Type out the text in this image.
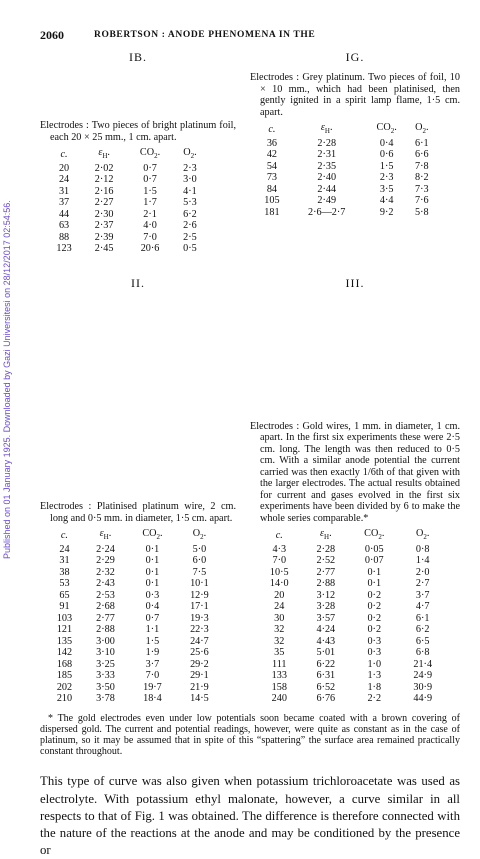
Published on 01 January 1925. Downloaded by Gazi Universitesi on 28/12/2017 02:54:56.
2060	ROBERTSON : ANODE PHENOMENA IN THE
IB.
Electrodes : Two pieces of bright platinum foil, each 20 × 25 mm., 1 cm. apart.
c.	$\varepsilon_H$.	$CO_2$.	$O_2$.
20	2·02	0·7	2·3
24	2·12	0·7	3·0
31	2·16	1·5	4·1
37	2·27	1·7	5·3
44	2·30	2·1	6·2
63	2·37	4·0	2·6
88	2·39	7·0	2·5
123	2·45	20·6	0·5
IG.
Electrodes : Grey platinum. Two pieces of foil, 10 × 10 mm., which had been platinised, then gently ignited in a spirit lamp flame, 1·5 cm. apart.
c.	$\varepsilon_H$.	$CO_2$.	$O_2$.
36	2·28	0·4	6·1
42	2·31	0·6	6·6
54	2·35	1·5	7·8
73	2·40	2·3	8·2
84	2·44	3·5	7·3
105	2·49	4·4	7·6
181	2·6—2·7	9·2	5·8
II.
Electrodes : Platinised platinum wire, 2 cm. long and 0·5 mm. in diameter, 1·5 cm. apart.
c.	$\varepsilon_H$.	$CO_2$.	$O_2$.
24	2·24	0·1	5·0
31	2·29	0·1	6·0
38	2·32	0·1	7·5
53	2·43	0·1	10·1
65	2·53	0·3	12·9
91	2·68	0·4	17·1
103	2·77	0·7	19·3
121	2·88	1·1	22·3
135	3·00	1·5	24·7
142	3·10	1·9	25·6
168	3·25	3·7	29·2
185	3·33	7·0	29·1
202	3·50	19·7	21·9
210	3·78	18·4	14·5
III.
Electrodes : Gold wires, 1 mm. in diameter, 1 cm. apart. In the first six experiments these were 2·5 cm. long. The length was then reduced to 0·5 cm. With a similar anode potential the current carried was then exactly 1/6th of that given with the larger electrodes. The actual results obtained for current and gases evolved in the first six experiments have been divided by 6 to make the whole series comparable.*
c.	$\varepsilon_H$.	$CO_2$.	$O_2$.
4·3	2·28	0·05	0·8
7·0	2·52	0·07	1·4
10·5	2·77	0·1	2·0
14·0	2·88	0·1	2·7
20	3·12	0·2	3·7
24	3·28	0·2	4·7
30	3·57	0·2	6·1
32	4·24	0·2	6·2
32	4·43	0·3	6·5
35	5·01	0·3	6·8
111	6·22	1·0	21·4
133	6·31	1·3	24·9
158	6·52	1·8	30·9
240	6·76	2·2	44·9
* The gold electrodes even under low potentials soon became coated with a brown covering of dispersed gold. The current and potential readings, however, were quite as constant as in the case of platinum, so it may be assumed that in spite of this “spattering” the surface area remained practically constant throughout.
This type of curve was also given when potassium trichloroacetate was used as electrolyte. With potassium ethyl malonate, however, a curve similar in all respects to that of Fig. 1 was obtained. The difference is therefore connected with the nature of the reactions at the anode and may be conditioned by the presence or
